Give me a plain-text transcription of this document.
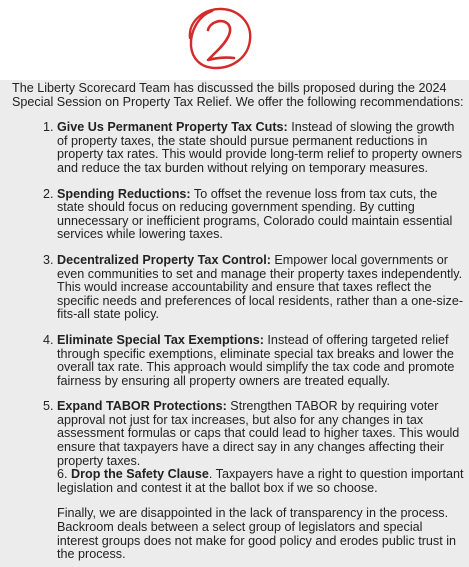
The Liberty Scorecard Team has discussed the bills proposed during the 2024 Special Session on Property Tax Relief. We offer the following recommendations:

1. Give Us Permanent Property Tax Cuts: Instead of slowing the growth of property taxes, the state should pursue permanent reductions in property tax rates. This would provide long-term relief to property owners and reduce the tax burden without relying on temporary measures.
2. Spending Reductions: To offset the revenue loss from tax cuts, the state should focus on reducing government spending. By cutting unnecessary or inefficient programs, Colorado could maintain essential services while lowering taxes.
3. Decentralized Property Tax Control: Empower local governments or even communities to set and manage their property taxes independently. This would increase accountability and ensure that taxes reflect the specific needs and preferences of local residents, rather than a one-size-fits-all state policy.
4. Eliminate Special Tax Exemptions: Instead of offering targeted relief through specific exemptions, eliminate special tax breaks and lower the overall tax rate. This approach would simplify the tax code and promote fairness by ensuring all property owners are treated equally.
5. Expand TABOR Protections: Strengthen TABOR by requiring voter approval not just for tax increases, but also for any changes in tax assessment formulas or caps that could lead to higher taxes. This would ensure that taxpayers have a direct say in any changes affecting their property taxes.

6. Drop the Safety Clause. Taxpayers have a right to question important legislation and contest it at the ballot box if we so choose.

Finally, we are disappointed in the lack of transparency in the process. Backroom deals between a select group of legislators and special interest groups does not make for good policy and erodes public trust in the process.
